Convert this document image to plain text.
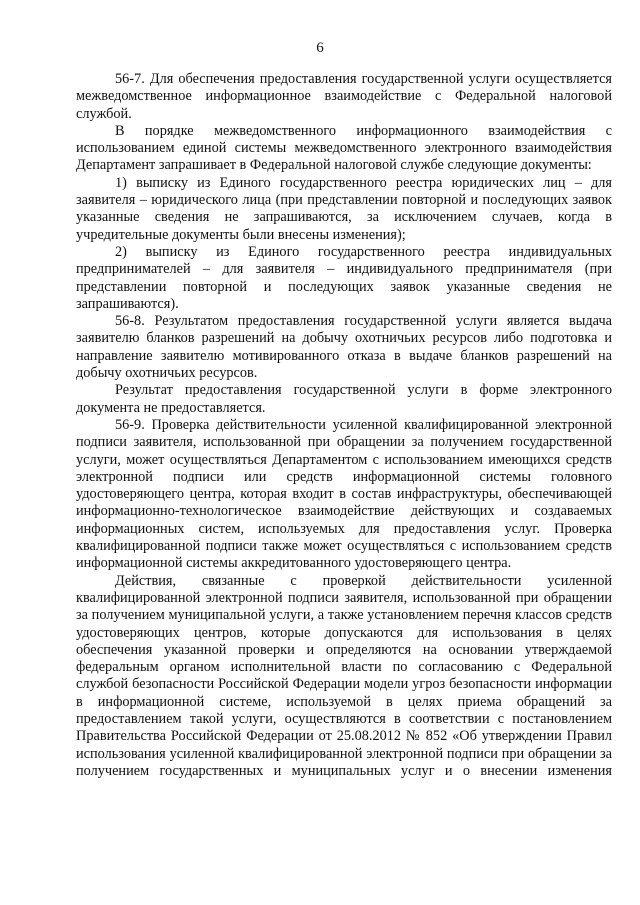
6

56-7. Для обеспечения предоставления государственной услуги осуществляется межведомственное информационное взаимодействие с Федеральной налоговой службой.

В порядке межведомственного информационного взаимодействия с использованием единой системы межведомственного электронного взаимодействия Департамент запрашивает в Федеральной налоговой службе следующие документы:

1) выписку из Единого государственного реестра юридических лиц – для заявителя – юридического лица (при представлении повторной и последующих заявок указанные сведения не запрашиваются, за исключением случаев, когда в учредительные документы были внесены изменения);

2) выписку из Единого государственного реестра индивидуальных предпринимателей – для заявителя – индивидуального предпринимателя (при представлении повторной и последующих заявок указанные сведения не запрашиваются).

56-8. Результатом предоставления государственной услуги является выдача заявителю бланков разрешений на добычу охотничьих ресурсов либо подготовка и направление заявителю мотивированного отказа в выдаче бланков разрешений на добычу охотничьих ресурсов.

Результат предоставления государственной услуги в форме электронного документа не предоставляется.

56-9. Проверка действительности усиленной квалифицированной электронной подписи заявителя, использованной при обращении за получением государственной услуги, может осуществляться Департаментом с использованием имеющихся средств электронной подписи или средств информационной системы головного удостоверяющего центра, которая входит в состав инфраструктуры, обеспечивающей информационно-технологическое взаимодействие действующих и создаваемых информационных систем, используемых для предоставления услуг. Проверка квалифицированной подписи также может осуществляться с использованием средств информационной системы аккредитованного удостоверяющего центра.

Действия, связанные с проверкой действительности усиленной квалифицированной электронной подписи заявителя, использованной при обращении за получением муниципальной услуги, а также установлением перечня классов средств удостоверяющих центров, которые допускаются для использования в целях обеспечения указанной проверки и определяются на основании утверждаемой федеральным органом исполнительной власти по согласованию с Федеральной службой безопасности Российской Федерации модели угроз безопасности информации в информационной системе, используемой в целях приема обращений за предоставлением такой услуги, осуществляются в соответствии с постановлением Правительства Российской Федерации от 25.08.2012 № 852 «Об утверждении Правил использования усиленной квалифицированной электронной подписи при обращении за получением государственных и муниципальных услуг и о внесении изменения
